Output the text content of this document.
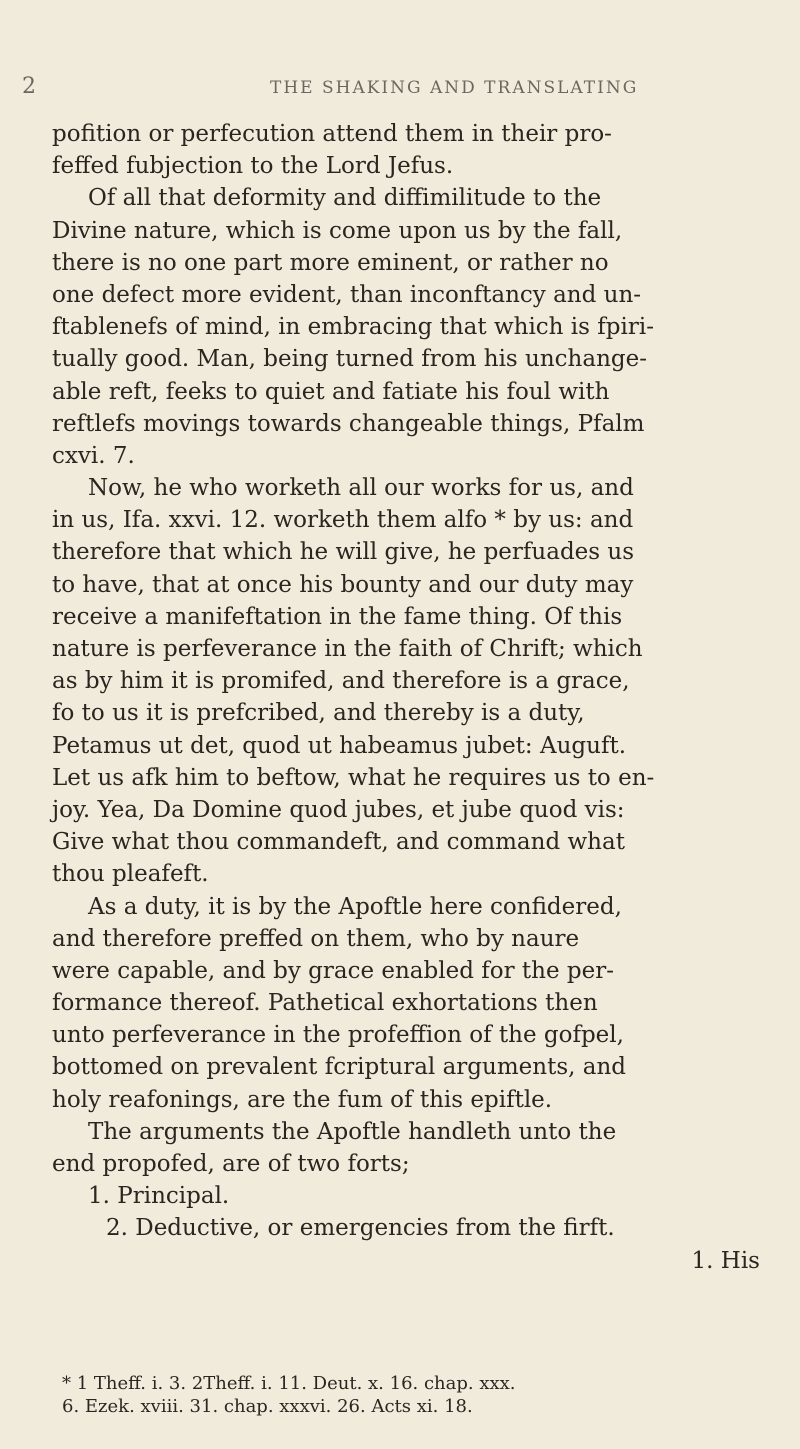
2	THE SHAKING AND TRANSLATING
pofition or perfecution attend them in their pro-
feffed fubjection to the Lord Jefus.
Of all that deformity and diffimilitude to the
Divine nature, which is come upon us by the fall,
there is no one part more eminent, or rather no
one defect more evident, than inconftancy and un-
ftablenefs of mind, in embracing that which is fpiri-
tually good. Man, being turned from his unchange-
able reft, feeks to quiet and fatiate his foul with
reftlefs movings towards changeable things, Pfalm
cxvi. 7.
Now, he who worketh all our works for us, and
in us, Ifa. xxvi. 12. worketh them alfo * by us: and
therefore that which he will give, he perfuades us
to have, that at once his bounty and our duty may
receive a manifeftation in the fame thing. Of this
nature is perfeverance in the faith of Chrift; which
as by him it is promifed, and therefore is a grace,
fo to us it is prefcribed, and thereby is a duty,
Petamus ut det, quod ut habeamus jubet: Auguft.
Let us afk him to beftow, what he requires us to en-
joy. Yea, Da Domine quod jubes, et jube quod vis:
Give what thou commandeft, and command what
thou pleafeft.
As a duty, it is by the Apoftle here confidered,
and therefore preffed on them, who by naure
were capable, and by grace enabled for the per-
formance thereof. Pathetical exhortations then
unto perfeverance in the profeffion of the gofpel,
bottomed on prevalent fcriptural arguments, and
holy reafonings, are the fum of this epiftle.
The arguments the Apoftle handleth unto the
end propofed, are of two forts;
1. Principal.
2. Deductive, or emergencies from the firft.
1. His
* 1 Theff. i. 3. 2Theff. i. 11. Deut. x. 16. chap. xxx.
6. Ezek. xviii. 31. chap. xxxvi. 26. Acts xi. 18.
